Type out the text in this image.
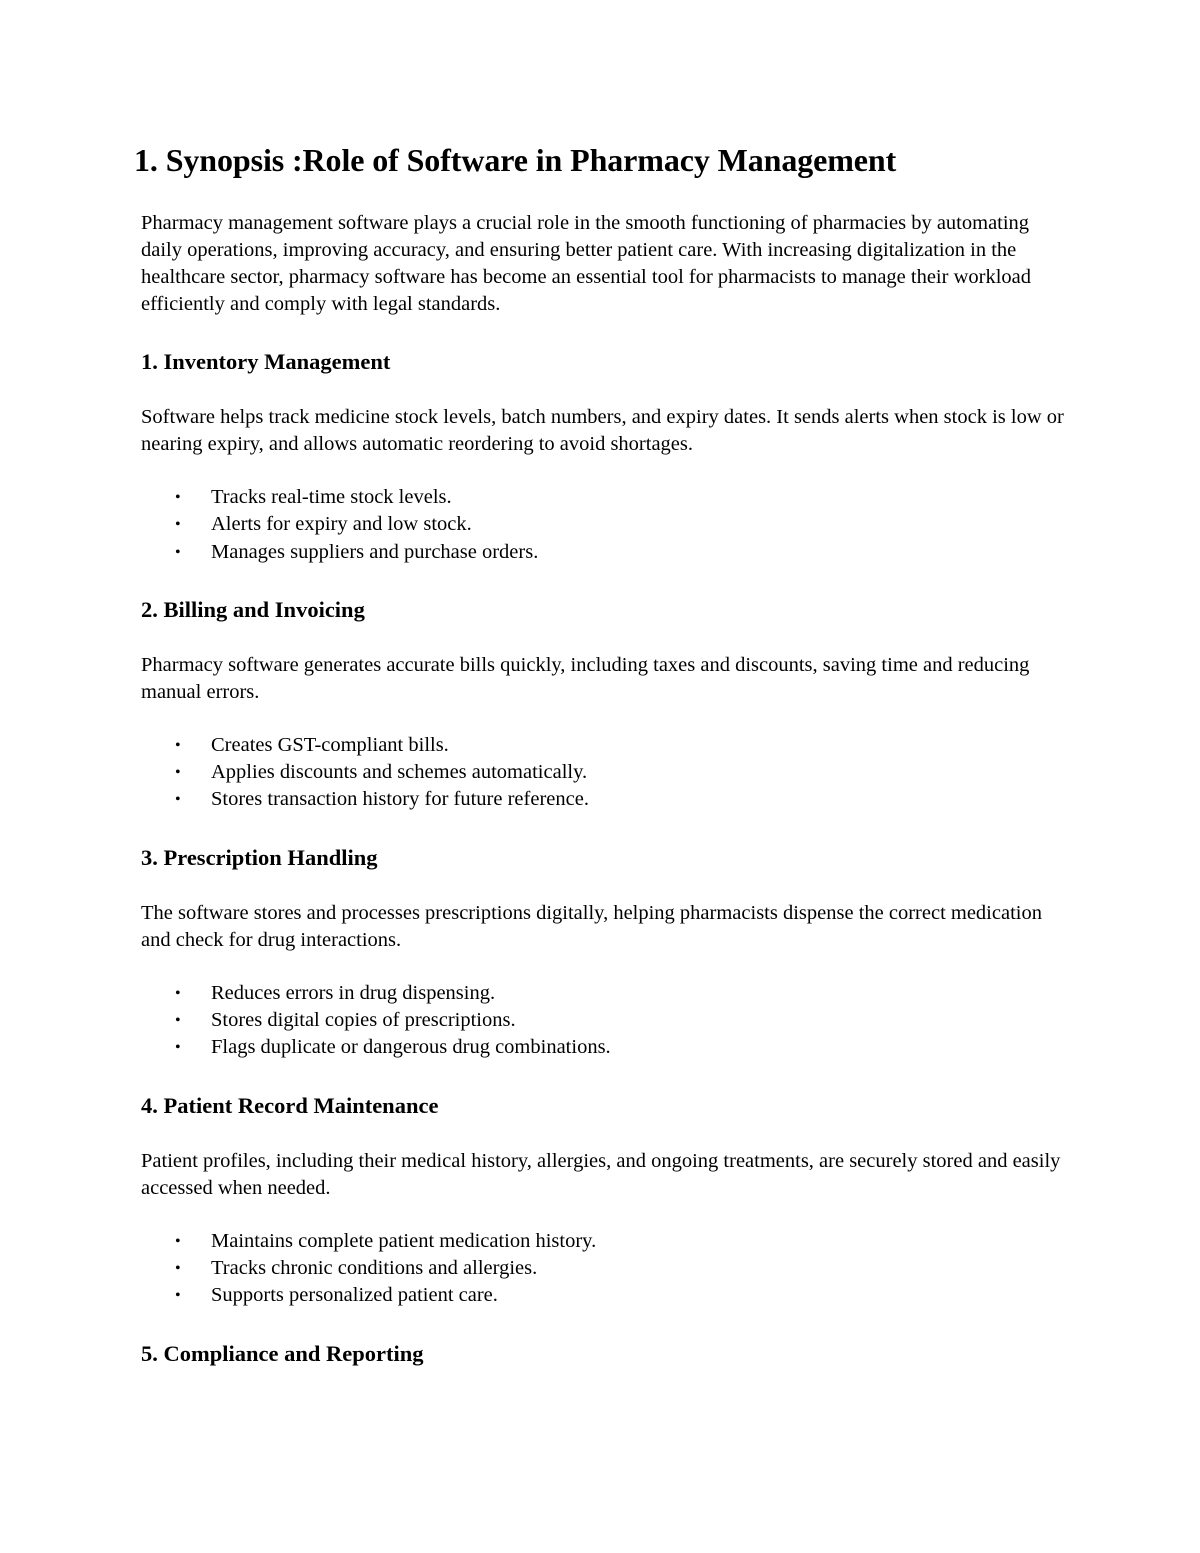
1. Synopsis :Role of Software in Pharmacy Management

Pharmacy management software plays a crucial role in the smooth functioning of pharmacies by automating daily operations, improving accuracy, and ensuring better patient care. With increasing digitalization in the healthcare sector, pharmacy software has become an essential tool for pharmacists to manage their workload efficiently and comply with legal standards.

1. Inventory Management

Software helps track medicine stock levels, batch numbers, and expiry dates. It sends alerts when stock is low or nearing expiry, and allows automatic reordering to avoid shortages.

• Tracks real-time stock levels.
• Alerts for expiry and low stock.
• Manages suppliers and purchase orders.
2. Billing and Invoicing

Pharmacy software generates accurate bills quickly, including taxes and discounts, saving time and reducing manual errors.

• Creates GST-compliant bills.
• Applies discounts and schemes automatically.
• Stores transaction history for future reference.
3. Prescription Handling

The software stores and processes prescriptions digitally, helping pharmacists dispense the correct medication and check for drug interactions.

• Reduces errors in drug dispensing.
• Stores digital copies of prescriptions.
• Flags duplicate or dangerous drug combinations.
4. Patient Record Maintenance

Patient profiles, including their medical history, allergies, and ongoing treatments, are securely stored and easily accessed when needed.

• Maintains complete patient medication history.
• Tracks chronic conditions and allergies.
• Supports personalized patient care.
5. Compliance and Reporting
